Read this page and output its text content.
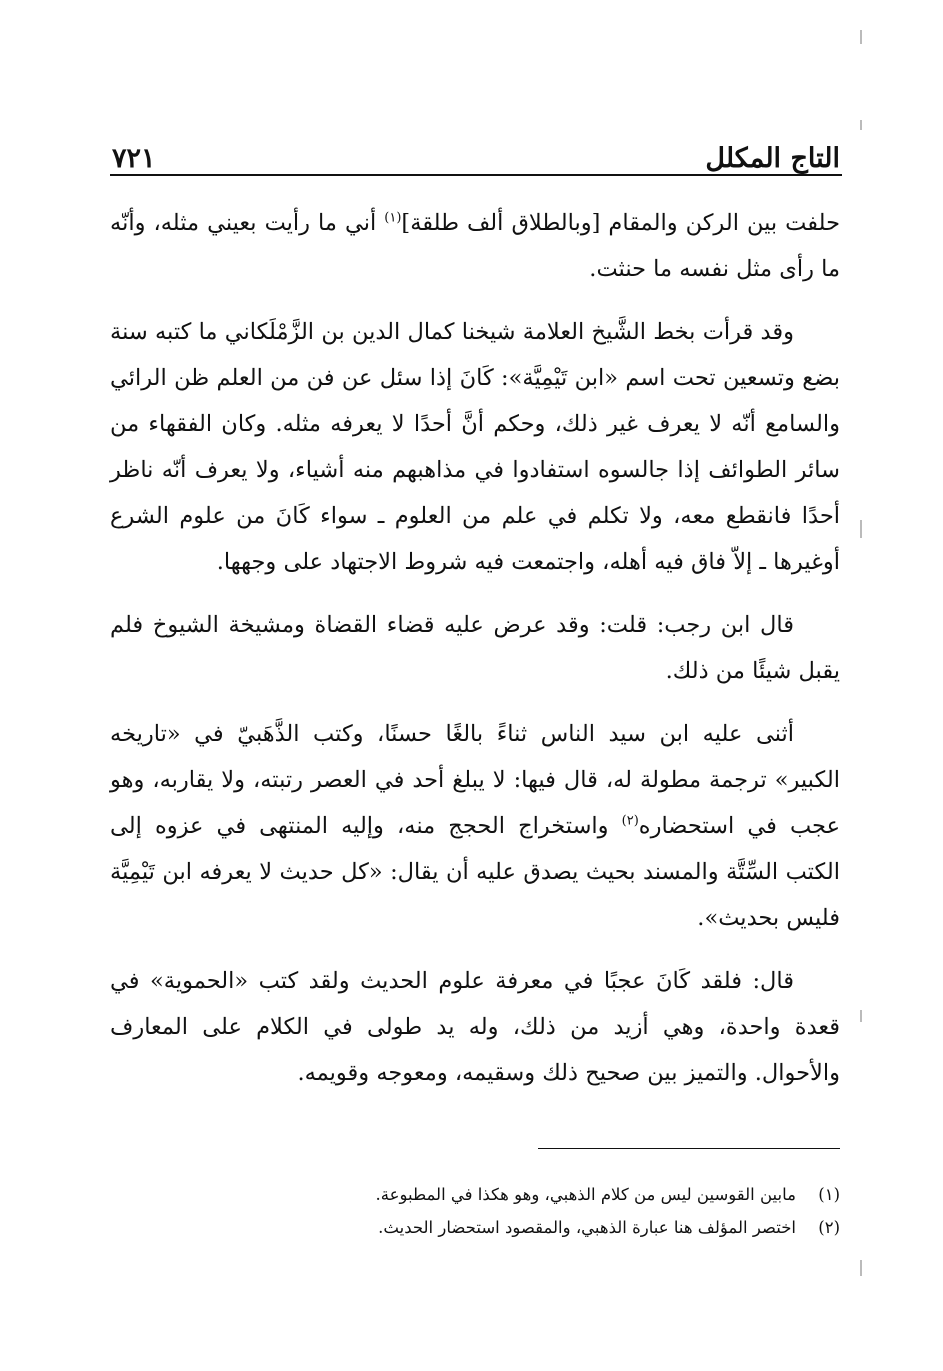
التاج المكلل
٧٢١

حلفت بين الركن والمقام [وبالطلاق ألف طلقة]$^{(١)}$ أني ما رأيت بعيني مثله، وأنّه ما رأى مثل نفسه ما حنثت.

وقد قرأت بخط الشَّيخ العلامة شيخنا كمال الدين بن الزَّمْلَكاني ما كتبه سنة بضع وتسعين تحت اسم «ابن تَيْمِيَّة»: كَانَ إذا سئل عن فن من العلم ظن الرائي والسامع أنّه لا يعرف غير ذلك، وحكم أنَّ أحدًا لا يعرفه مثله. وكان الفقهاء من سائر الطوائف إذا جالسوه استفادوا في مذاهبهم منه أشياء، ولا يعرف أنّه ناظر أحدًا فانقطع معه، ولا تكلم في علم من العلوم ـ سواء كَانَ من علوم الشرع أوغيرها ـ إلاّ فاق فيه أهله، واجتمعت فيه شروط الاجتهاد على وجهها.

قال ابن رجب: قلت: وقد عرض عليه قضاء القضاة ومشيخة الشيوخ فلم يقبل شيئًا من ذلك.

أثنى عليه ابن سيد الناس ثناءً بالغًا حسنًا، وكتب الذَّهَبيّ في «تاريخه الكبير» ترجمة مطولة له، قال فيها: لا يبلغ أحد في العصر رتبته، ولا يقاربه، وهو عجب في استحضاره$^{(٢)}$ واستخراج الحجج منه، وإليه المنتهى في عزوه إلى الكتب السِّتَّة والمسند بحيث يصدق عليه أن يقال: «كل حديث لا يعرفه ابن تَيْمِيَّة فليس بحديث».

قال: فلقد كَانَ عجبًا في معرفة علوم الحديث ولقد كتب «الحموية» في قعدة واحدة، وهي أزيد من ذلك، وله يد طولى في الكلام على المعارف والأحوال. والتميز بين صحيح ذلك وسقيمه، ومعوجه وقويمه.

(١)
مابين القوسين ليس من كلام الذهبي، وهو هكذا في المطبوعة.
(٢)
اختصر المؤلف هنا عبارة الذهبي، والمقصود استحضار الحديث.
